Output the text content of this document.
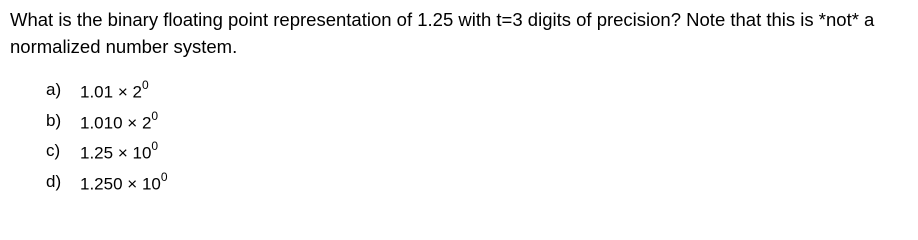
What is the binary floating point representation of 1.25 with t=3 digits of precision? Note that this is *not* a normalized number system.

a)	$1.01 \times 2^0$
b)	$1.010 \times 2^0$
c)	$1.25 \times 10^0$
d)	$1.250 \times 10^0$
